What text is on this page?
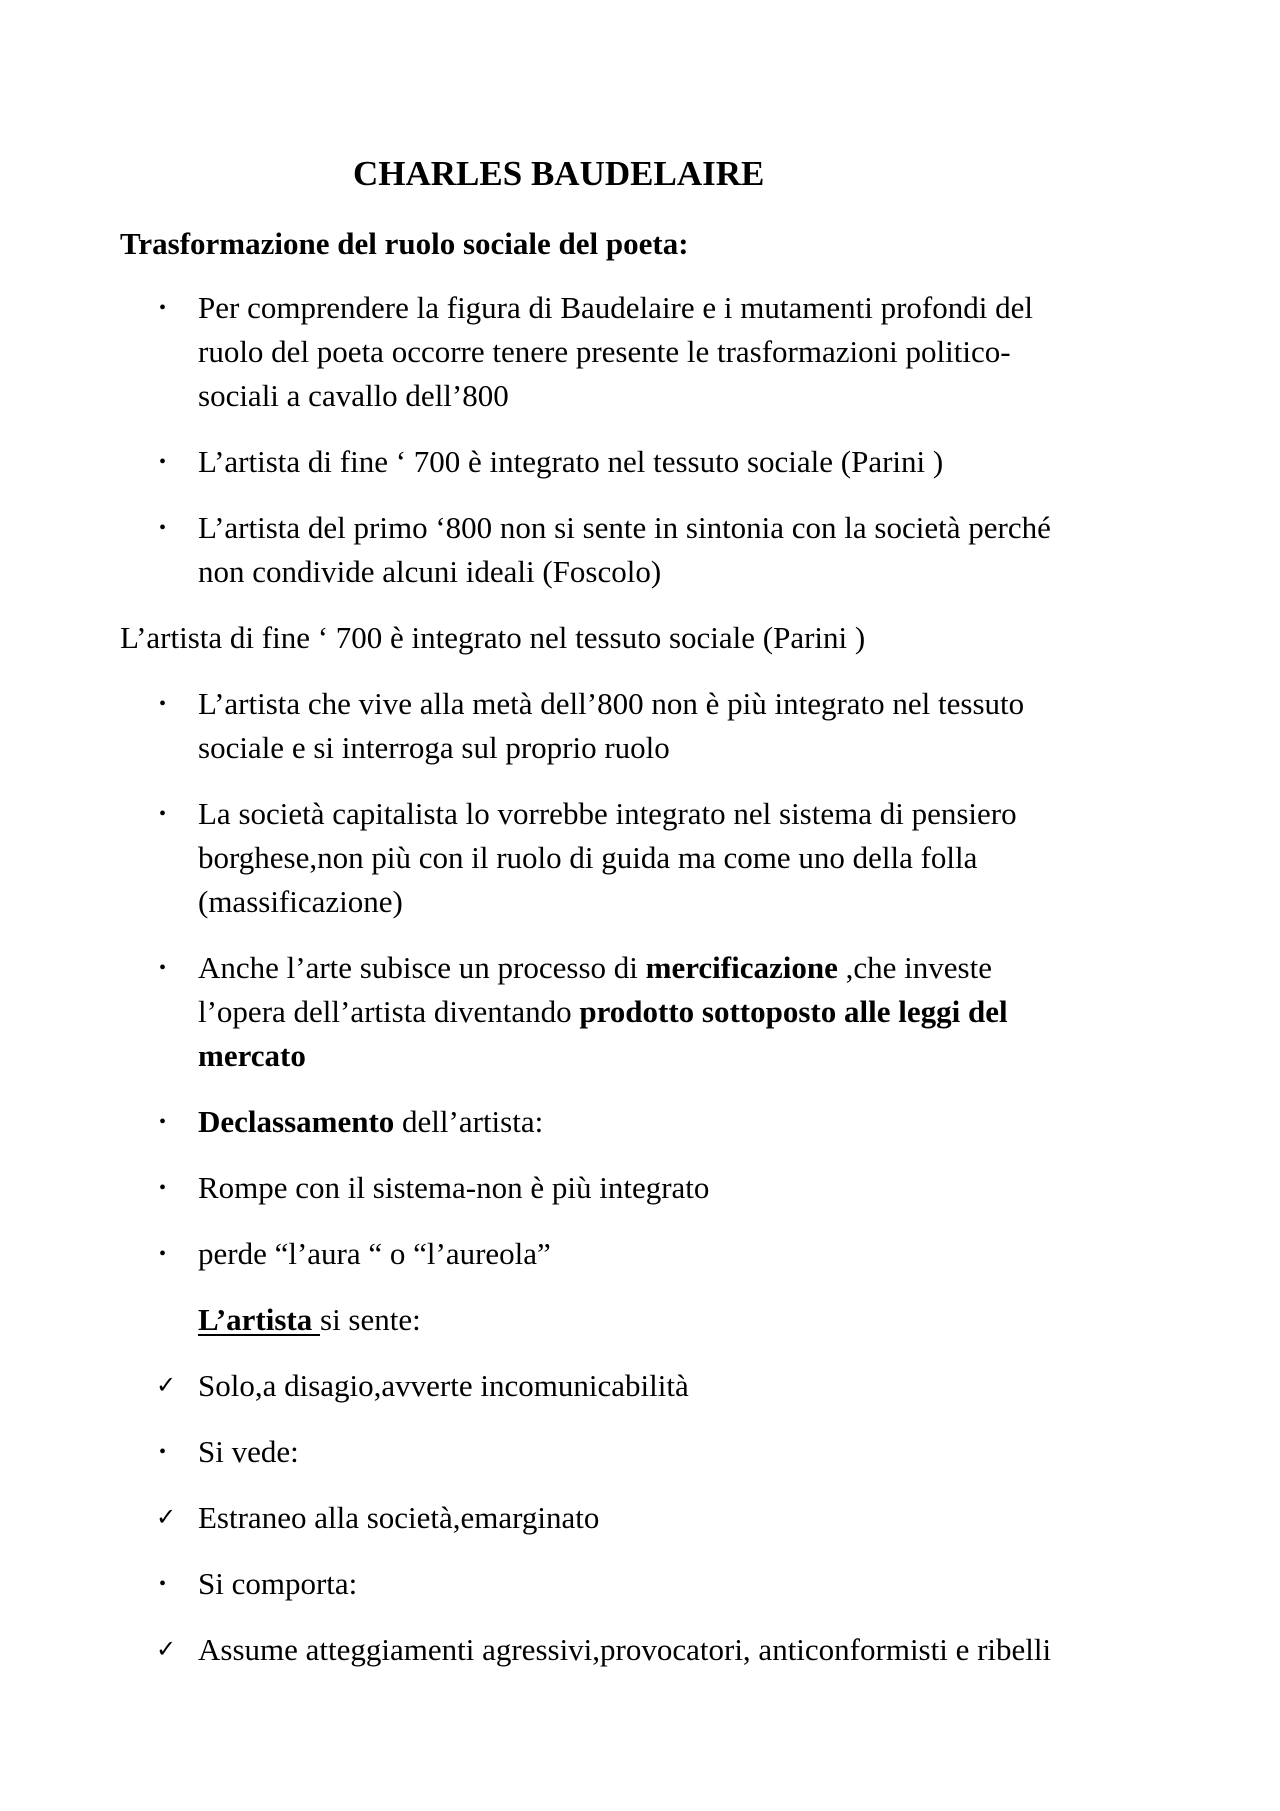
CHARLES BAUDELAIRE
Trasformazione del ruolo sociale del poeta:
• Per comprendere la figura di Baudelaire e i mutamenti profondi del
ruolo del poeta occorre tenere presente le trasformazioni politico-
sociali a cavallo dell’800
• L’artista di fine ‘ 700 è integrato nel tessuto sociale (Parini )
• L’artista del primo ‘800 non si sente in sintonia con la società perché
non condivide alcuni ideali (Foscolo)
L’artista di fine ‘ 700 è integrato nel tessuto sociale (Parini )
• L’artista che vive alla metà dell’800 non è più integrato nel tessuto
sociale e si interroga sul proprio ruolo
• La società capitalista lo vorrebbe integrato nel sistema di pensiero
borghese,non più con il ruolo di guida ma come uno della folla
(massificazione)
• Anche l’arte subisce un processo di mercificazione ,che investe
l’opera dell’artista diventando prodotto sottoposto alle leggi del
mercato
• Declassamento dell’artista:
• Rompe con il sistema-non è più integrato
• perde “l’aura “ o “l’aureola”
L’artista si sente:
✓ Solo,a disagio,avverte incomunicabilità
• Si vede:
✓ Estraneo alla società,emarginato
• Si comporta:
✓ Assume atteggiamenti agressivi,provocatori, anticonformisti e ribelli
